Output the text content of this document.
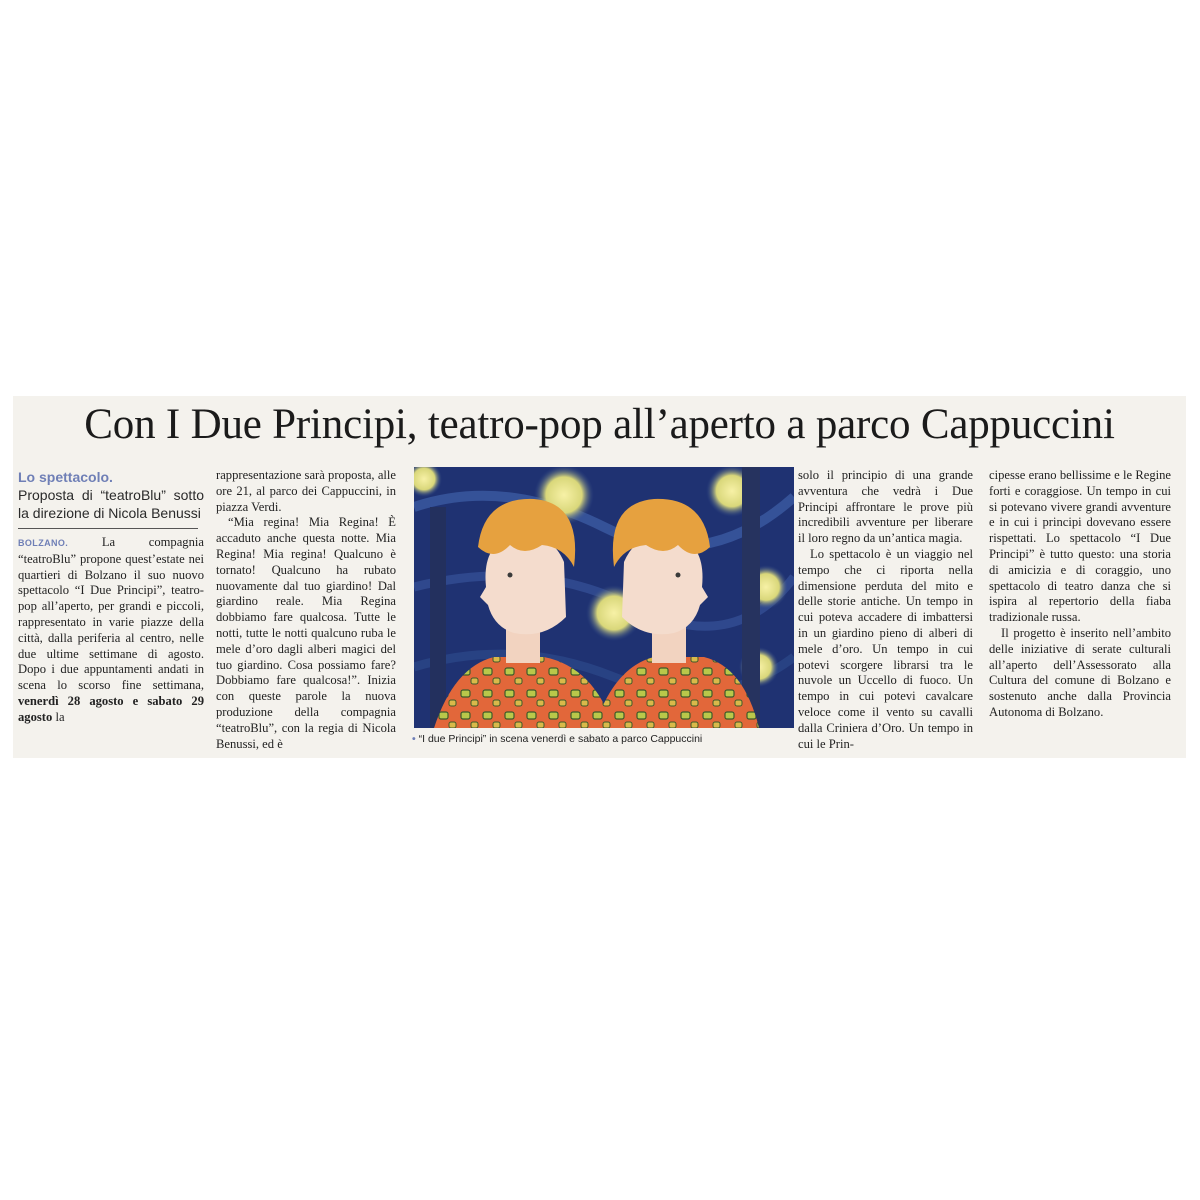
Con I Due Principi, teatro-pop all’aperto a parco Cappuccini
Lo spettacolo.
Proposta di “teatroBlu” sotto la direzione di Nicola Benussi

BOLZANO.	La compagnia “teatroBlu” propone quest’estate nei quartieri di Bolzano il suo nuovo spettacolo “I Due Principi”, teatro-pop all’aperto, per grandi e piccoli, rappresentato in varie piazze della città, dalla periferia al centro, nelle due ultime settimane di agosto. Dopo i due appuntamenti andati in scena lo scorso fine settimana, venerdì 28 agosto e sabato 29 agosto la

rappresentazione sarà proposta, alle ore 21, al parco dei Cappuccini, in piazza Verdi.

“Mia regina! Mia Regina! È accaduto anche questa notte. Mia Regina! Mia regina! Qualcuno è tornato! Qualcuno ha rubato nuovamente dal tuo giardino! Dal giardino reale. Mia Regina dobbiamo fare qualcosa. Tutte le notti, tutte le notti qualcuno ruba le mele d’oro dagli alberi magici del tuo giardino. Cosa possiamo fare? Dobbiamo fare qualcosa!”. Inizia con queste parole la nuova produzione della compagnia “teatroBlu”, con la regia di Nicola Benussi, ed è	• “I due Principi” in scena venerdì e sabato a parco Cappuccini

solo il principio di una grande avventura che vedrà i Due Principi affrontare le prove più incredibili avventure per liberare il loro regno da un’antica magia.

Lo spettacolo è un viaggio nel tempo che ci riporta nella dimensione perduta del mito e delle storie antiche. Un tempo in cui poteva accadere di imbattersi in un giardino pieno di alberi di mele d’oro. Un tempo in cui potevi scorgere librarsi tra le nuvole un Uccello di fuoco. Un tempo in cui potevi cavalcare veloce come il vento su cavalli dalla Criniera d’Oro. Un tempo in cui le Prin-

cipesse erano bellissime e le Regine forti e coraggiose. Un tempo in cui si potevano vivere grandi avventure e in cui i principi dovevano essere rispettati. Lo spettacolo “I Due Principi” è tutto questo: una storia di amicizia e di coraggio, uno spettacolo di teatro danza che si ispira al repertorio della fiaba tradizionale russa.

Il progetto è inserito nell’ambito delle iniziative di serate culturali all’aperto dell’Assessorato alla Cultura del comune di Bolzano e sostenuto anche dalla Provincia Autonoma di Bolzano.
